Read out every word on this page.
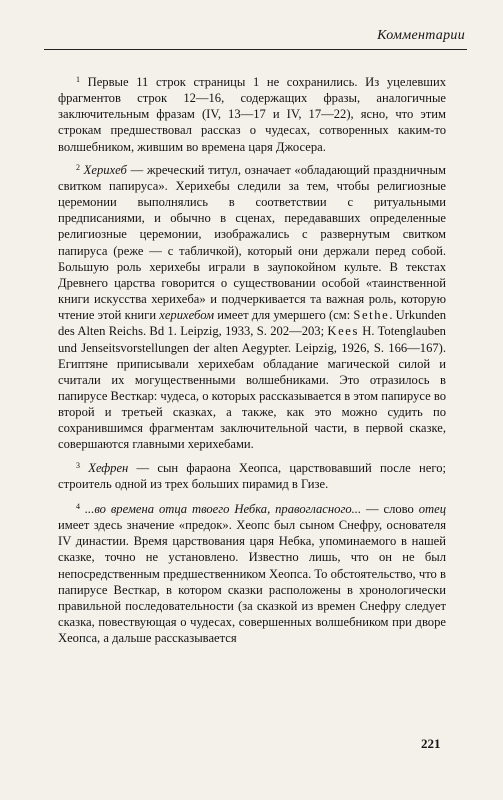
Комментарии

$^1$ Первые 11 строк страницы 1 не сохранились. Из уцелевших фрагментов строк 12—16, содержащих фразы, аналогичные заключительным фразам (IV, 13—17 и IV, 17—22), ясно, что этим строкам предшествовал рассказ о чудесах, сотворенных каким-то волшебником, жившим во времена царя Джосера.

$^2$ Херихеб — жреческий титул, означает «обладающий праздничным свитком папируса». Херихебы следили за тем, чтобы религиозные церемонии выполнялись в соответствии с ритуальными предписаниями, и обычно в сценах, передававших определенные религиозные церемонии, изображались с развернутым свитком папируса (реже — с табличкой), который они держали перед собой. Большую роль херихебы играли в заупокойном культе. В текстах Древнего царства говорится о существовании особой «таинственной книги искусства херихеба» и подчеркивается та важная роль, которую чтение этой книги херихебом имеет для умершего (см: Sethe. Urkunden des Alten Reichs. Bd 1. Leipzig, 1933, S. 202—203; Kees H. Totenglauben und Jenseitsvorstellungen der alten Aegypter. Leipzig, 1926, S. 166—167). Египтяне приписывали херихебам обладание магической силой и считали их могущественными волшебниками. Это отразилось в папирусе Весткар: чудеса, о которых рассказывается в этом папирусе во второй и третьей сказках, а также, как это можно судить по сохранившимся фрагментам заключительной части, в первой сказке, совершаются главными херихебами.

$^3$ Хефрен — сын фараона Хеопса, царствовавший после него; строитель одной из трех больших пирамид в Гизе.

$^4$ ...во времена отца твоего Небка, правогласного... — слово отец имеет здесь значение «предок». Хеопс был сыном Снефру, основателя IV династии. Время царствования царя Небка, упоминаемого в нашей сказке, точно не установлено. Известно лишь, что он не был непосредственным предшественником Хеопса. То обстоятельство, что в папирусе Весткар, в котором сказки расположены в хронологически правильной последовательности (за сказкой из времен Снефру следует сказка, повествующая о чудесах, совершенных волшебником при дворе Хеопса, а дальше рассказывается

221
